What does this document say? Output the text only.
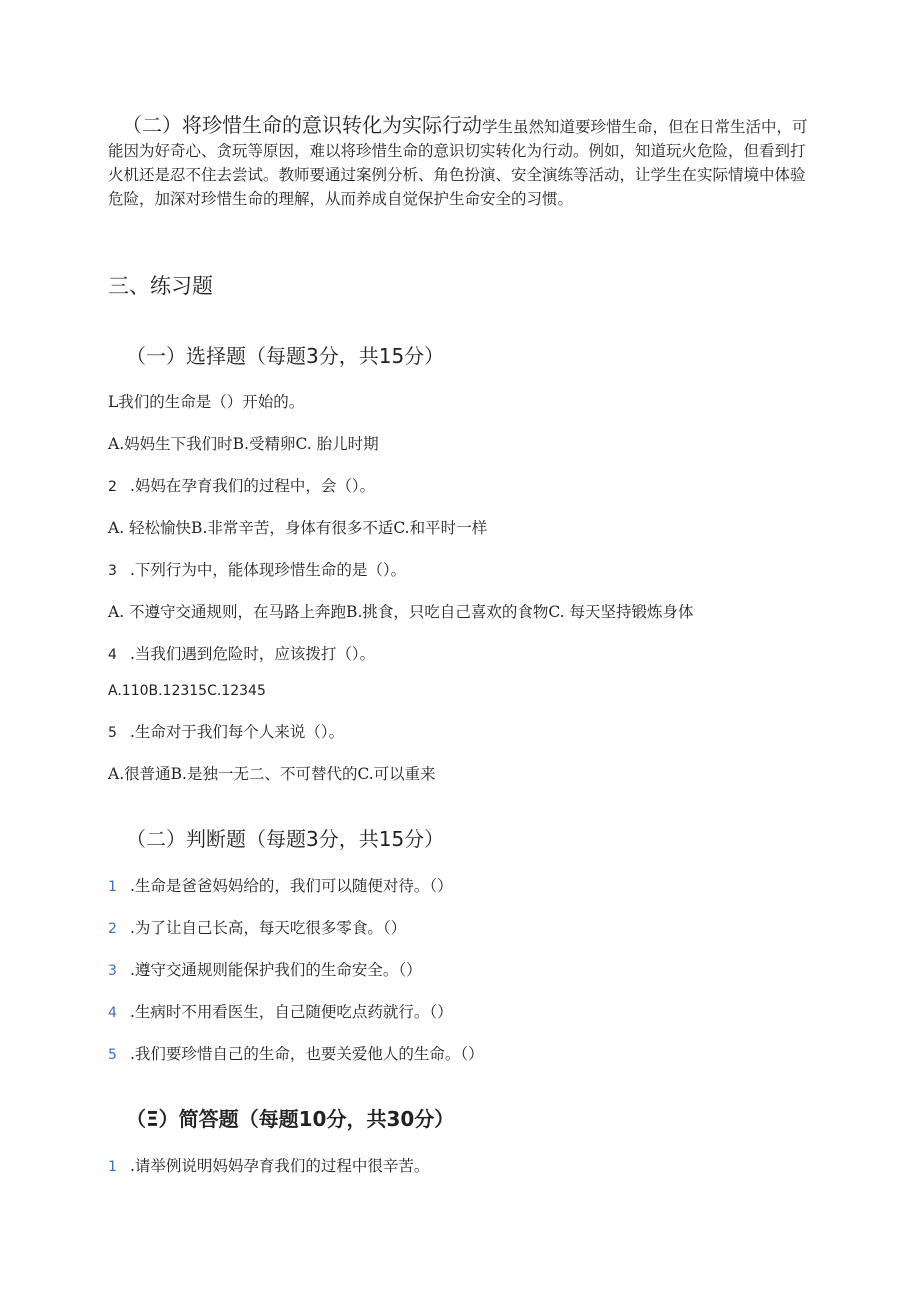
（二）将珍惜生命的意识转化为实际行动学生虽然知道要珍惜生命，但在日常生活中，可能因为好奇心、贪玩等原因，难以将珍惜生命的意识切实转化为行动。例如，知道玩火危险，但看到打火机还是忍不住去尝试。教师要通过案例分析、角色扮演、安全演练等活动，让学生在实际情境中体验危险，加深对珍惜生命的理解，从而养成自觉保护生命安全的习惯。

三、练习题
（一）选择题（每题3分，共15分）
L我们的生命是（）开始的。
A.妈妈生下我们时B.受精卵C. 胎儿时期
2 .妈妈在孕育我们的过程中，会（）。
A. 轻松愉快B.非常辛苦，身体有很多不适C.和平时一样
3 .下列行为中，能体现珍惜生命的是（）。
A. 不遵守交通规则，在马路上奔跑B.挑食，只吃自己喜欢的食物C. 每天坚持锻炼身体
4 .当我们遇到危险时，应该拨打（）。
A.110B.12315C.12345
5 .生命对于我们每个人来说（）。
A.很普通B.是独一无二、不可替代的C.可以重来
（二）判断题（每题3分，共15分）
1 .生命是爸爸妈妈给的，我们可以随便对待。（）
2 .为了让自己长高，每天吃很多零食。（）
3 .遵守交通规则能保护我们的生命安全。（）
4 .生病时不用看医生，自己随便吃点药就行。（）
5 .我们要珍惜自己的生命，也要关爱他人的生命。（）
（Ξ）简答题（每题10分，共30分）
1 .请举例说明妈妈孕育我们的过程中很辛苦。
